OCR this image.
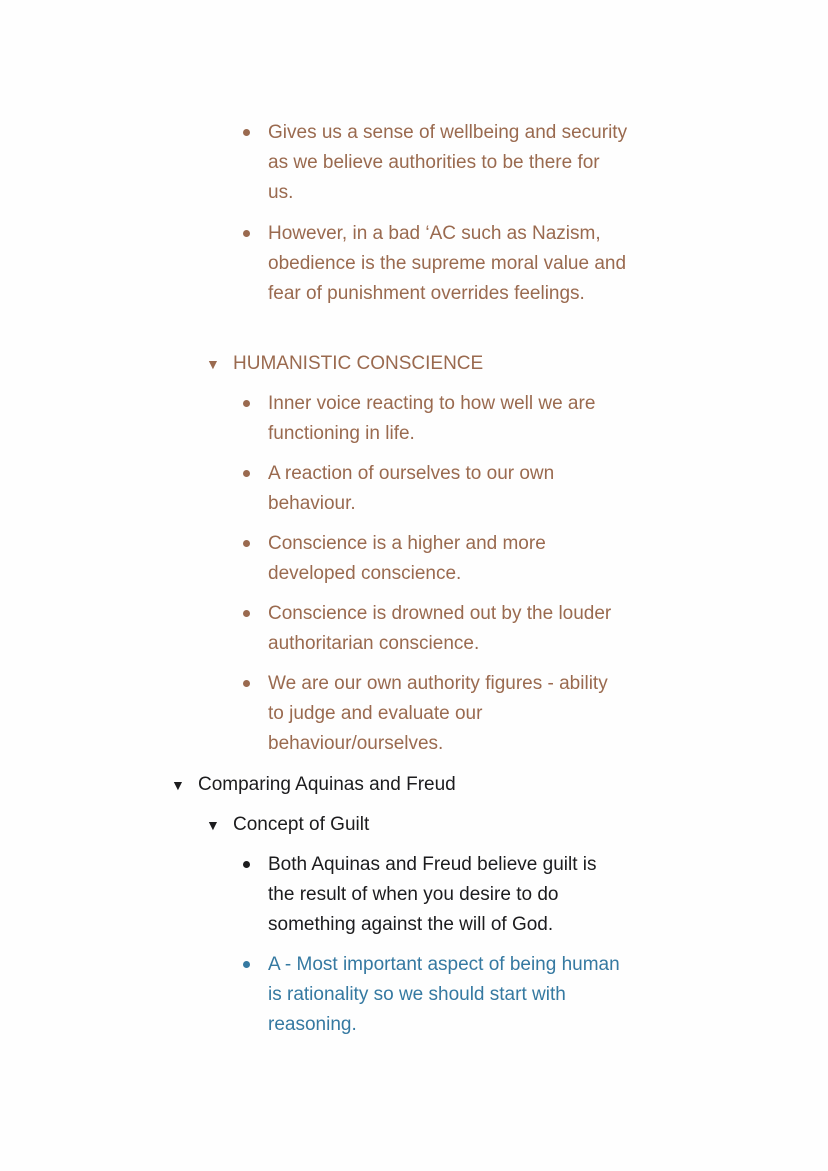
Gives us a sense of wellbeing and security as we believe authorities to be there for us.
However, in a bad ‘AC such as Nazism, obedience is the supreme moral value and fear of punishment overrides feelings.
▼ HUMANISTIC CONSCIENCE
Inner voice reacting to how well we are functioning in life.
A reaction of ourselves to our own behaviour.
Conscience is a higher and more developed conscience.
Conscience is drowned out by the louder authoritarian conscience.
We are our own authority figures - ability to judge and evaluate our behaviour/ourselves.
▼ Comparing Aquinas and Freud
▼ Concept of Guilt
Both Aquinas and Freud believe guilt is the result of when you desire to do something against the will of God.
A - Most important aspect of being human is rationality so we should start with reasoning.
